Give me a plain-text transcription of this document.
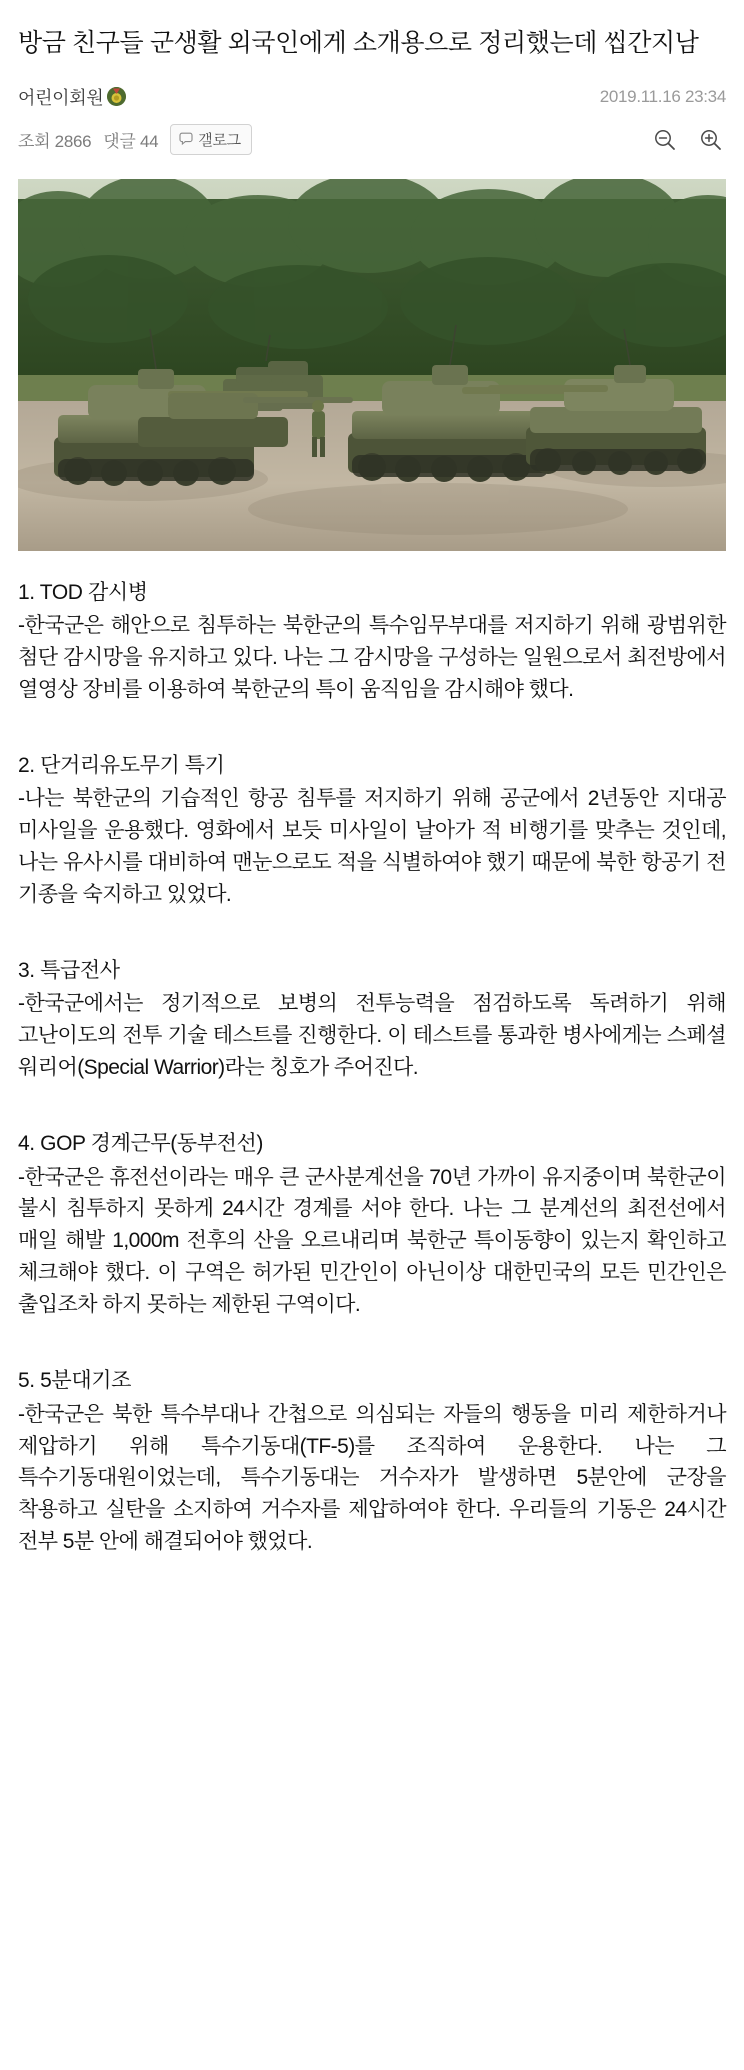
방금 친구들 군생활 외국인에게 소개용으로 정리했는데 씹간지남
어린이회원	2019.11.16 23:34
조회 2866 댓글 44	갤로그

1. TOD 감시병

-한국군은 해안으로 침투하는 북한군의 특수임무부대를 저지하기 위해 광범위한 첨단 감시망을 유지하고 있다. 나는 그 감시망을 구성하는 일원으로서 최전방에서 열영상 장비를 이용하여 북한군의 특이 움직임을 감시해야 했다.

2. 단거리유도무기 특기

-나는 북한군의 기습적인 항공 침투를 저지하기 위해 공군에서 2년동안 지대공 미사일을 운용했다. 영화에서 보듯 미사일이 날아가 적 비행기를 맞추는 것인데, 나는 유사시를 대비하여 맨눈으로도 적을 식별하여야 했기 때문에 북한 항공기 전 기종을 숙지하고 있었다.

3. 특급전사

-한국군에서는 정기적으로 보병의 전투능력을 점검하도록 독려하기 위해 고난이도의 전투 기술 테스트를 진행한다. 이 테스트를 통과한 병사에게는 스페셜 워리어(Special Warrior)라는 칭호가 주어진다.

4. GOP 경계근무(동부전선)

-한국군은 휴전선이라는 매우 큰 군사분계선을 70년 가까이 유지중이며 북한군이 불시 침투하지 못하게 24시간 경계를 서야 한다. 나는 그 분계선의 최전선에서 매일 해발 1,000m 전후의 산을 오르내리며 북한군 특이동향이 있는지 확인하고 체크해야 했다. 이 구역은 허가된 민간인이 아닌이상 대한민국의 모든 민간인은 출입조차 하지 못하는 제한된 구역이다.

5. 5분대기조

-한국군은 북한 특수부대나 간첩으로 의심되는 자들의 행동을 미리 제한하거나 제압하기 위해 특수기동대(TF-5)를 조직하여 운용한다. 나는 그 특수기동대원이었는데, 특수기동대는 거수자가 발생하면 5분안에 군장을 착용하고 실탄을 소지하여 거수자를 제압하여야 한다. 우리들의 기동은 24시간 전부 5분 안에 해결되어야 했었다.
